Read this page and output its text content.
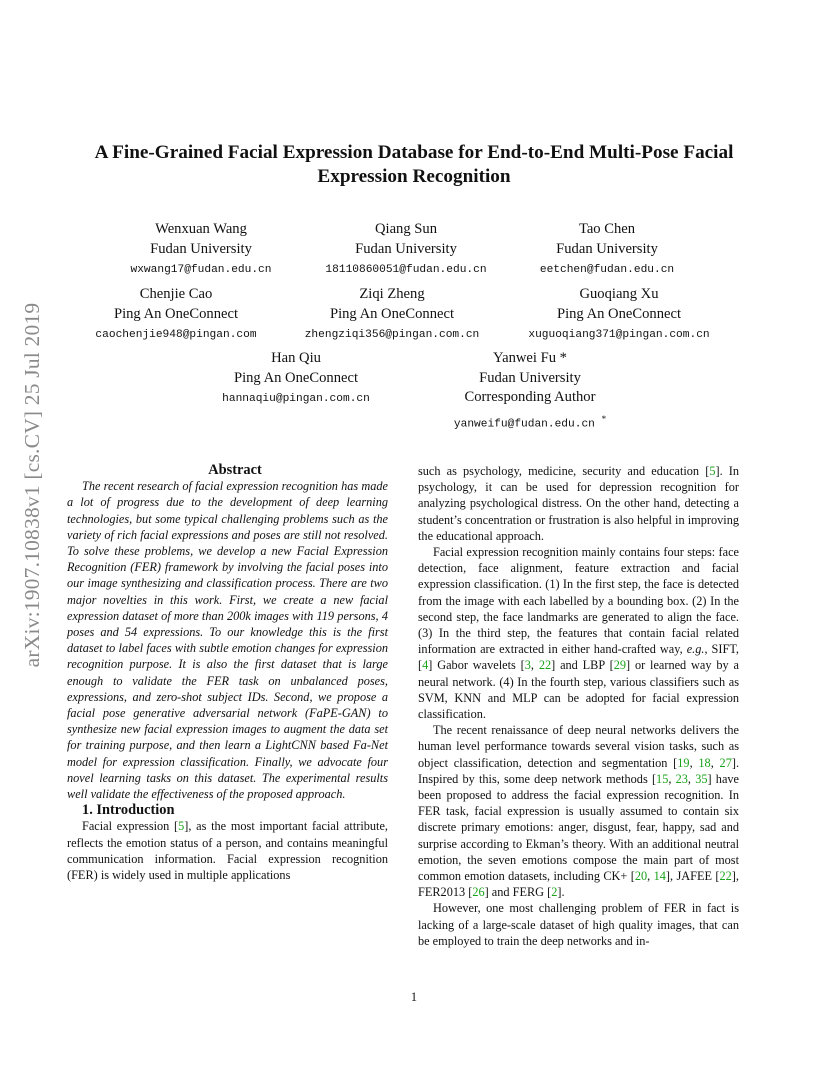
arXiv:1907.10838v1 [cs.CV] 25 Jul 2019
A Fine-Grained Facial Expression Database for End-to-End Multi-Pose Facial
Expression Recognition
Wenxuan Wang
Fudan University
wxwang17@fudan.edu.cn
Qiang Sun
Fudan University
18110860051@fudan.edu.cn
Tao Chen
Fudan University
eetchen@fudan.edu.cn
Chenjie Cao
Ping An OneConnect
caochenjie948@pingan.com
Ziqi Zheng
Ping An OneConnect
zhengziqi356@pingan.com.cn
Guoqiang Xu
Ping An OneConnect
xuguoqiang371@pingan.com.cn
Han Qiu
Ping An OneConnect
hannaqiu@pingan.com.cn
Yanwei Fu *
Fudan University
Corresponding Author
yanweifu@fudan.edu.cn *

Abstract

The recent research of facial expression recognition has made a lot of progress due to the development of deep learning technologies, but some typical challenging problems such as the variety of rich facial expressions and poses are still not resolved. To solve these problems, we develop a new Facial Expression Recognition (FER) framework by involving the facial poses into our image synthesizing and classification process. There are two major novelties in this work. First, we create a new facial expression dataset of more than 200k images with 119 persons, 4 poses and 54 expressions. To our knowledge this is the first dataset to label faces with subtle emotion changes for expression recognition purpose. It is also the first dataset that is large enough to validate the FER task on unbalanced poses, expressions, and zero-shot subject IDs. Second, we propose a facial pose generative adversarial network (FaPE-GAN) to synthesize new facial expression images to augment the data set for training purpose, and then learn a LightCNN based Fa-Net model for expression classification. Finally, we advocate four novel learning tasks on this dataset. The experimental results well validate the effectiveness of the proposed approach.

1. Introduction

Facial expression [5], as the most important facial attribute, reflects the emotion status of a person, and contains meaningful communication information. Facial expression recognition (FER) is widely used in multiple applications

such as psychology, medicine, security and education [5]. In psychology, it can be used for depression recognition for analyzing psychological distress. On the other hand, detecting a student’s concentration or frustration is also helpful in improving the educational approach.

Facial expression recognition mainly contains four steps: face detection, face alignment, feature extraction and facial expression classification. (1) In the first step, the face is detected from the image with each labelled by a bounding box. (2) In the second step, the face landmarks are generated to align the face. (3) In the third step, the features that contain facial related information are extracted in either hand-crafted way, e.g., SIFT, [4] Gabor wavelets [3, 22] and LBP [29] or learned way by a neural network. (4) In the fourth step, various classifiers such as SVM, KNN and MLP can be adopted for facial expression classification.

The recent renaissance of deep neural networks delivers the human level performance towards several vision tasks, such as object classification, detection and segmentation [19, 18, 27]. Inspired by this, some deep network methods [15, 23, 35] have been proposed to address the facial expression recognition. In FER task, facial expression is usually assumed to contain six discrete primary emotions: anger, disgust, fear, happy, sad and surprise according to Ekman’s theory. With an additional neutral emotion, the seven emotions compose the main part of most common emotion datasets, including CK+ [20, 14], JAFEE [22], FER2013 [26] and FERG [2].

However, one most challenging problem of FER in fact is lacking of a large-scale dataset of high quality images, that can be employed to train the deep networks and in-

1
